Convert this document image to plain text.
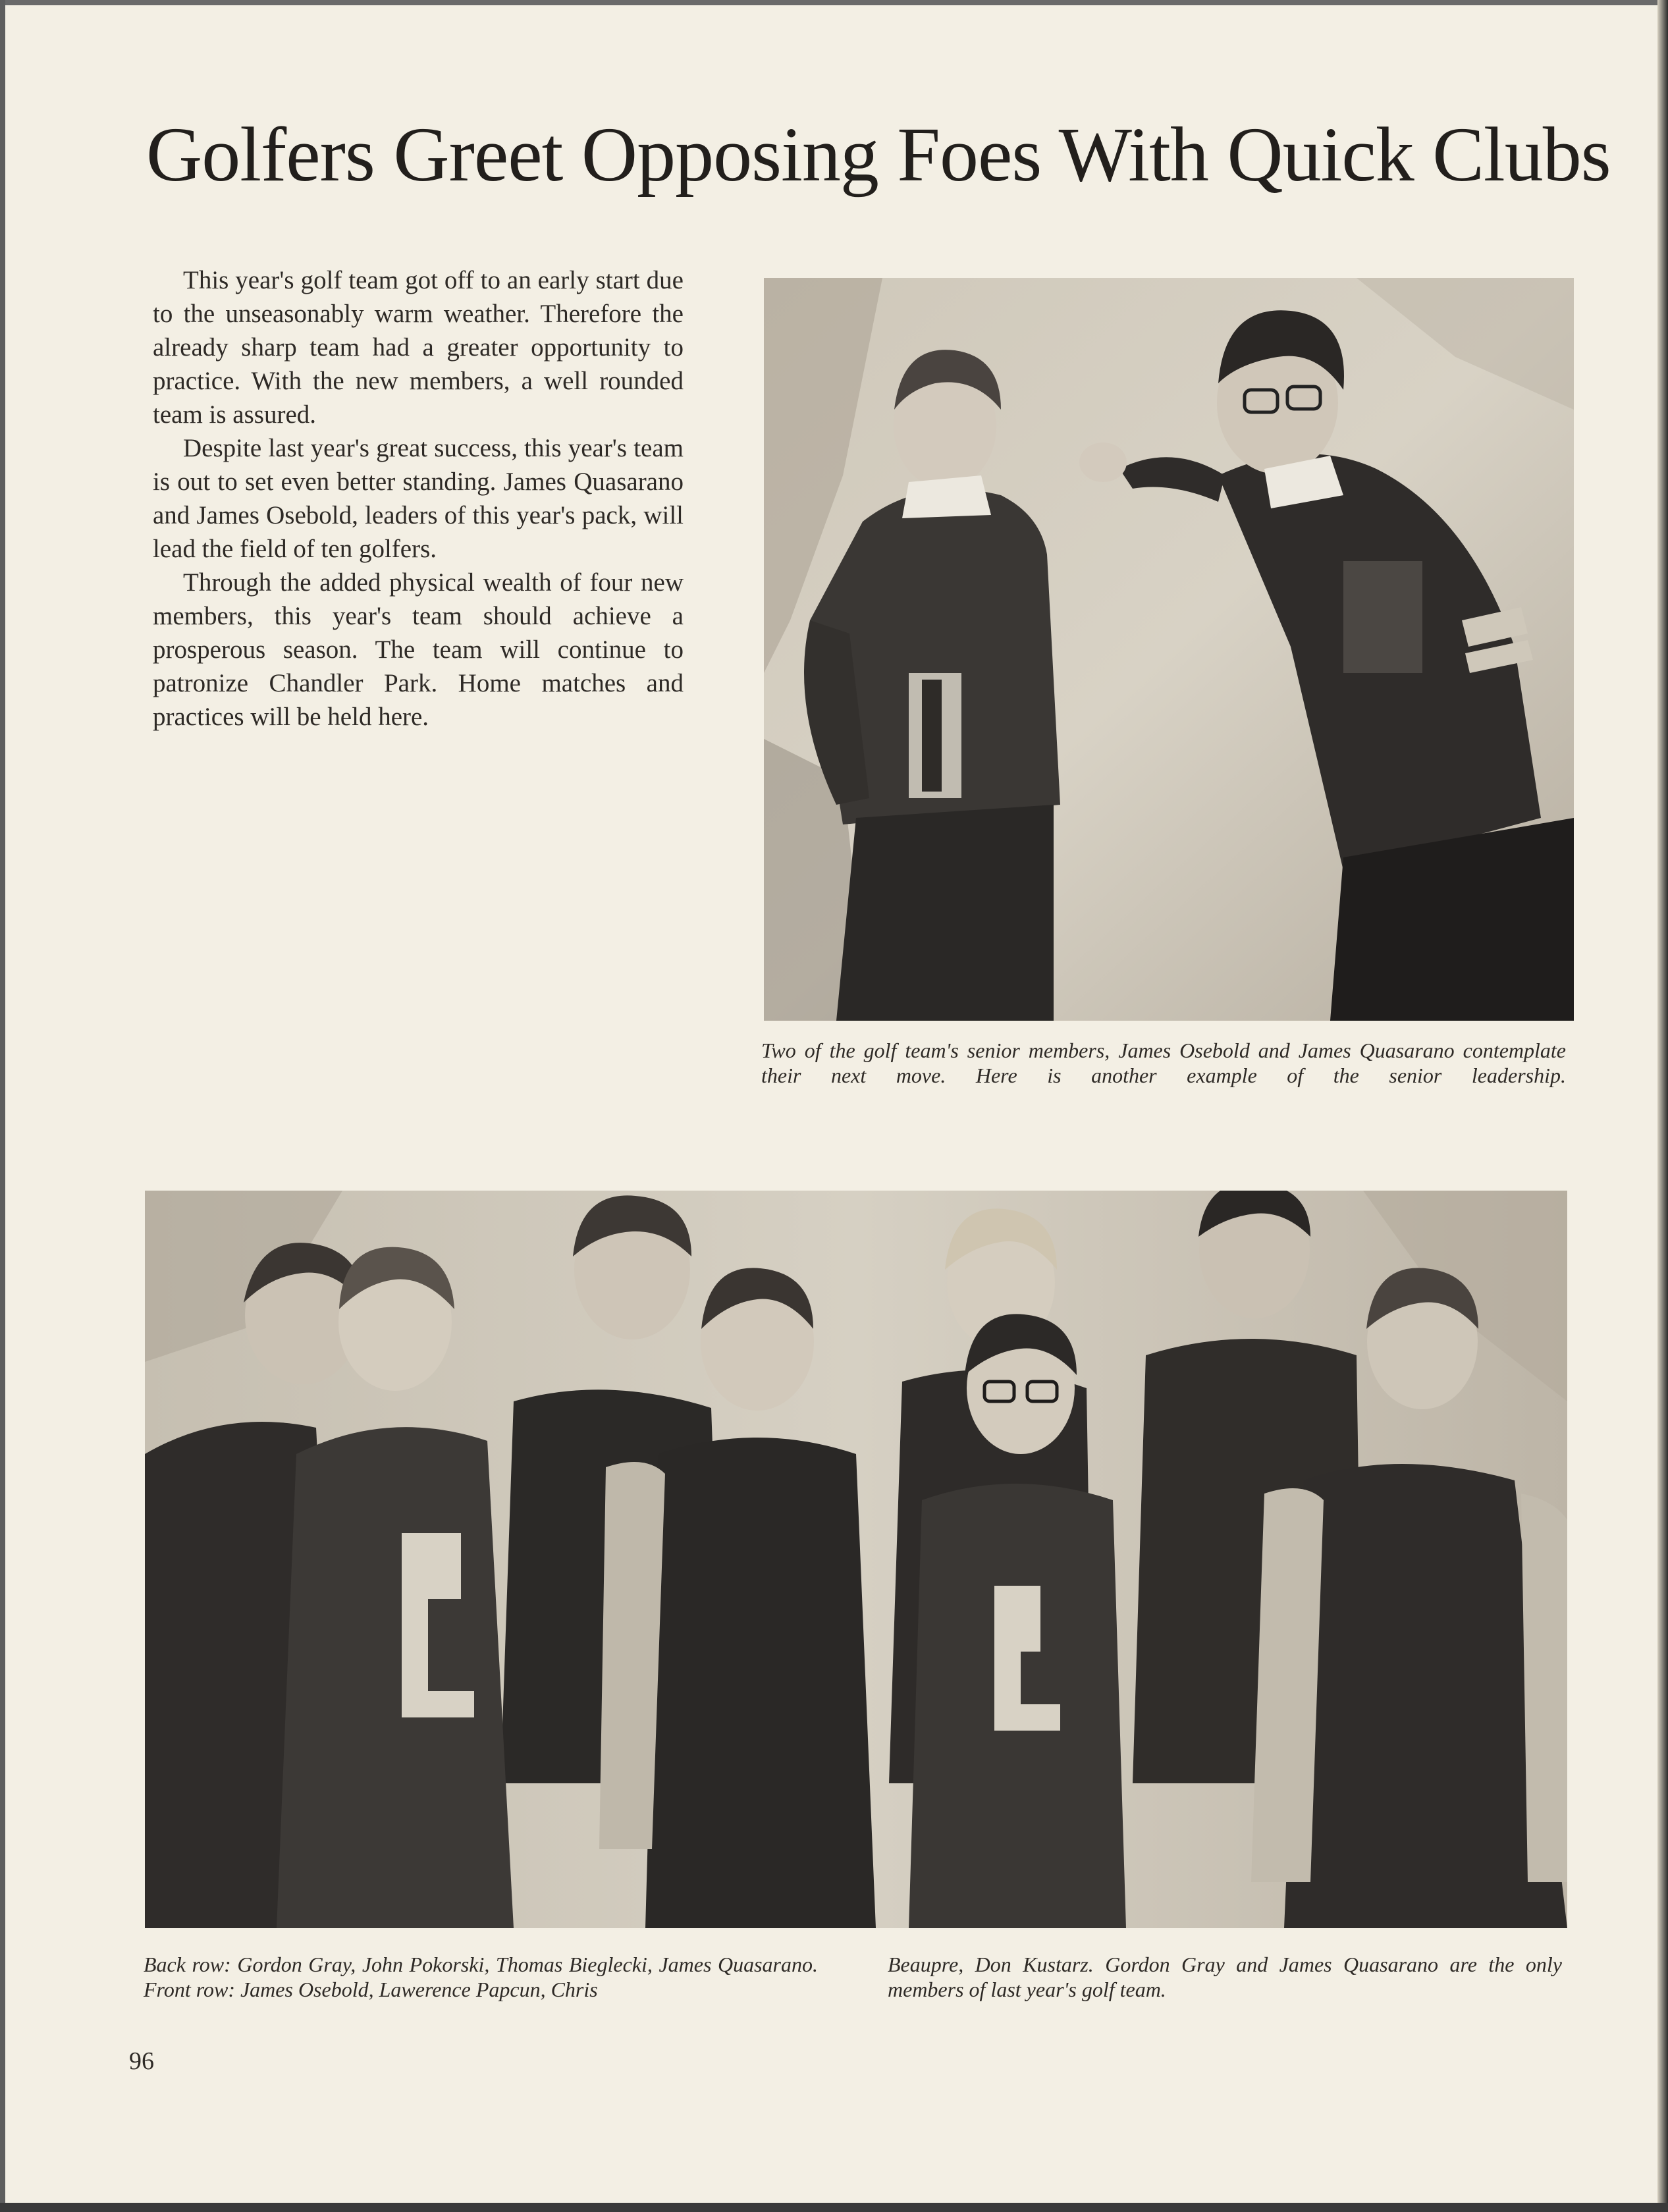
Golfers Greet Opposing Foes With Quick Clubs

This year's golf team got off to an early start due to the unseasonably warm weather. Therefore the already sharp team had a greater opportunity to practice. With the new members, a well rounded team is assured.

Despite last year's great success, this year's team is out to set even better standing. James Quasarano and James Osebold, leaders of this year's pack, will lead the field of ten golfers.

Through the added physical wealth of four new members, this year's team should achieve a prosperous season. The team will continue to patronize Chandler Park. Home matches and practices will be held here.

Two of the golf team's senior members, James Osebold and James Quasarano contemplate their next move. Here is another example of the senior leadership.

Back row: Gordon Gray, John Pokorski, Thomas Bieglecki, James Quasarano. Front row: James Osebold, Lawerence Papcun, Chris

Beaupre, Don Kustarz. Gordon Gray and James Quasarano are the only members of last year's golf team.

96
